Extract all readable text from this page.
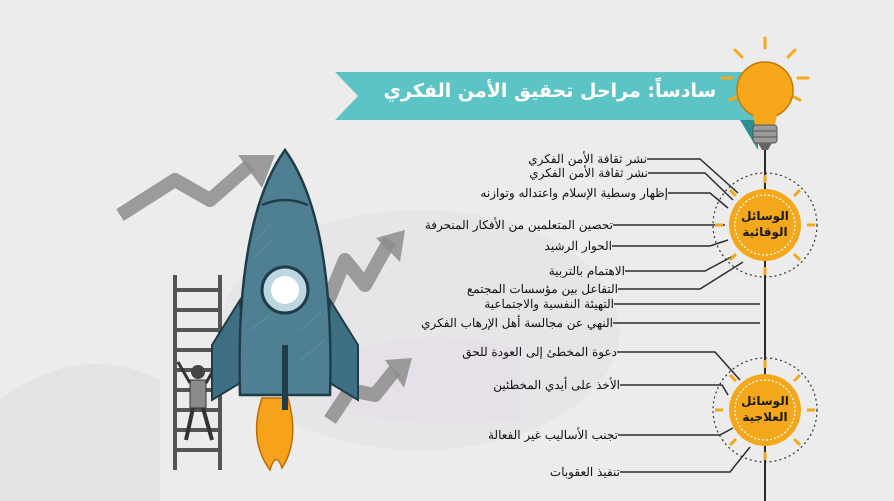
سادساً: مراحل تحقيق الأمن الفكري
الوسائل
الوقائية
الوسائل
العلاجية
نشر ثقافة الأمن الفكري
نشر ثقافة الأمن الفكري
إظهار وسطية الإسلام واعتداله وتوازنه
تحصين المتعلمين من الأفكار المنحرفة
الحوار الرشيد
الاهتمام بالتربية
التفاعل بين مؤسسات المجتمع
التهيئة النفسية والاجتماعية
النهي عن مجالسة أهل الإرهاب الفكري
دعوة المخطئ إلى العودة للحق
الأخذ على أيدي المخطئين
تجنب الأساليب غير الفعالة
تنفيذ العقوبات
